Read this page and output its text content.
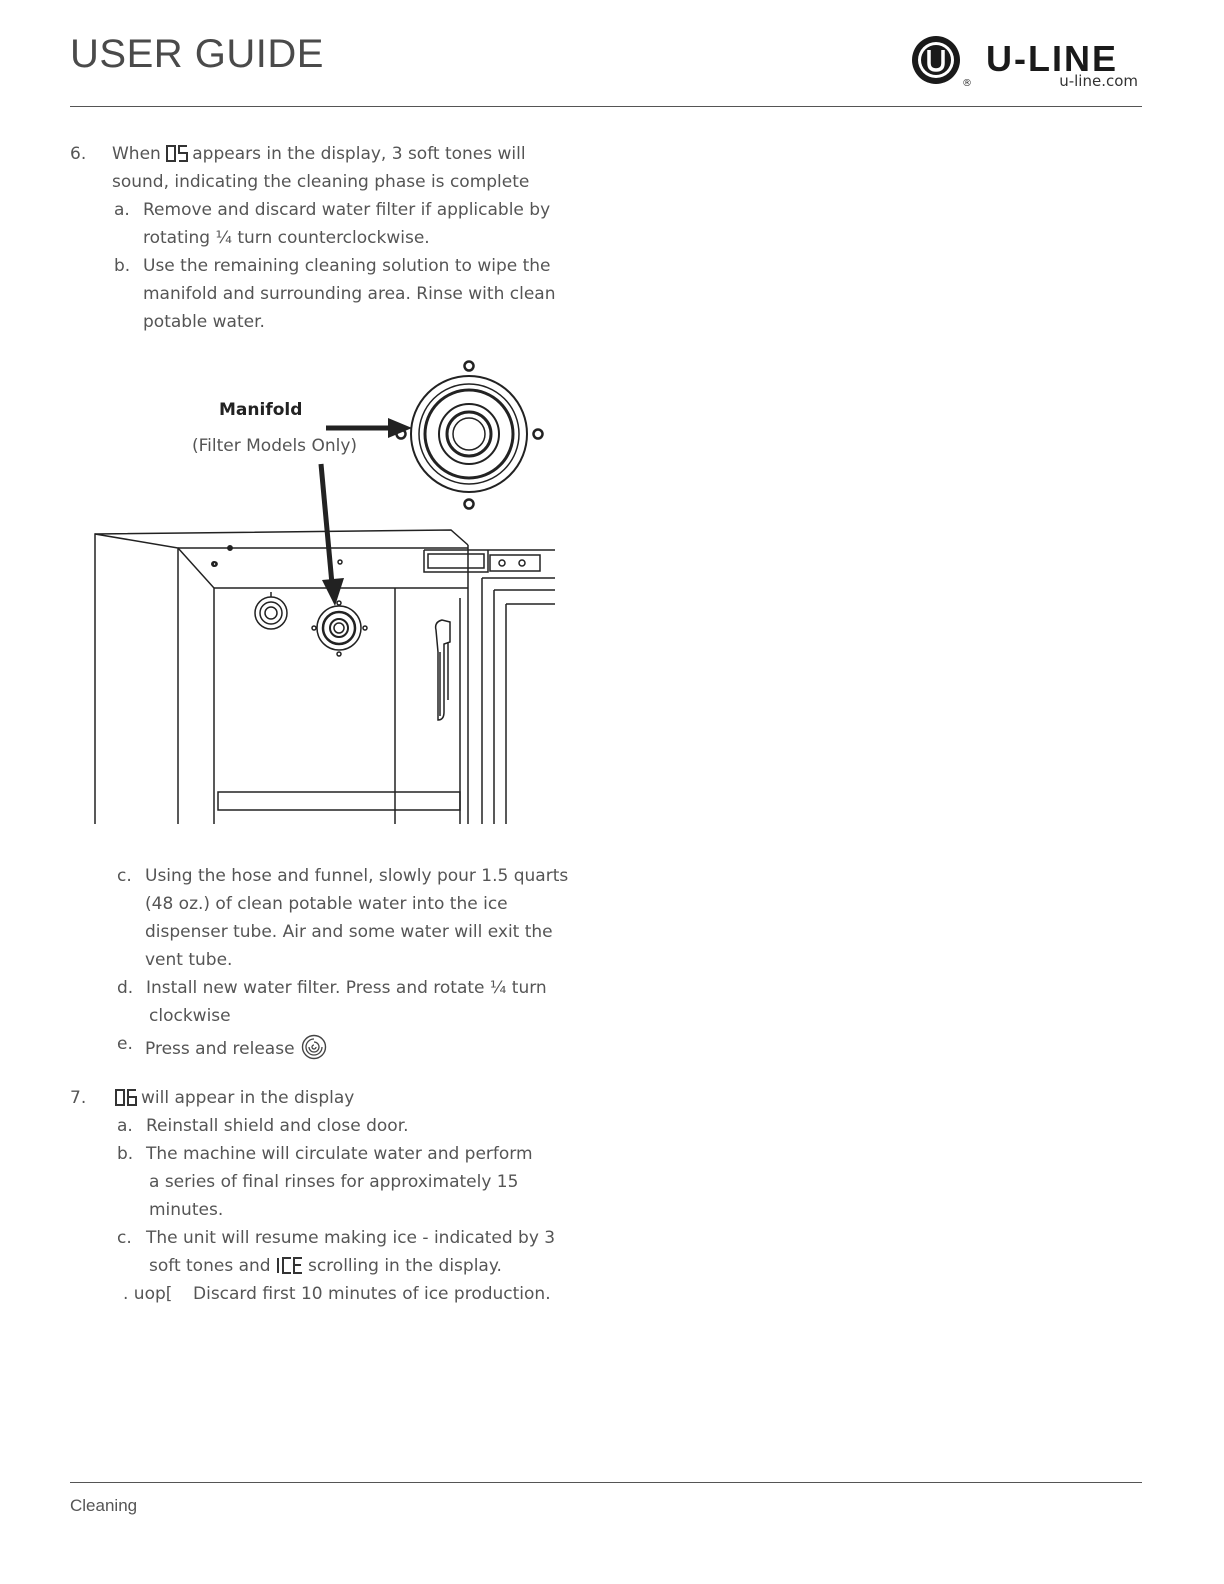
USER GUIDE
®
U-LINE
u-line.com
6. When
appears in the display, 3 soft tones will
sound, indicating the cleaning phase is complete
a. Remove and discard water filter if applicable by
rotating ¼ turn counterclockwise.
b. Use the remaining cleaning solution to wipe the
manifold and surrounding area. Rinse with clean
potable water.
Manifold
(Filter Models Only)
c. Using the hose and funnel, slowly pour 1.5 quarts
(48 oz.) of clean potable water into the ice
dispenser tube. Air and some water will exit the
vent tube.
d. Install new water filter. Press and rotate ¼ turn
clockwise
e. Press and release
7.	will appear in the display
a. Reinstall shield and close door.
b. The machine will circulate water and perform
a series of final rinses for approximately 15
minutes.
c. The unit will resume making ice - indicated by 3
soft tones and scrolling in the display.
. uop[ Discard first 10 minutes of ice production.
Cleaning
